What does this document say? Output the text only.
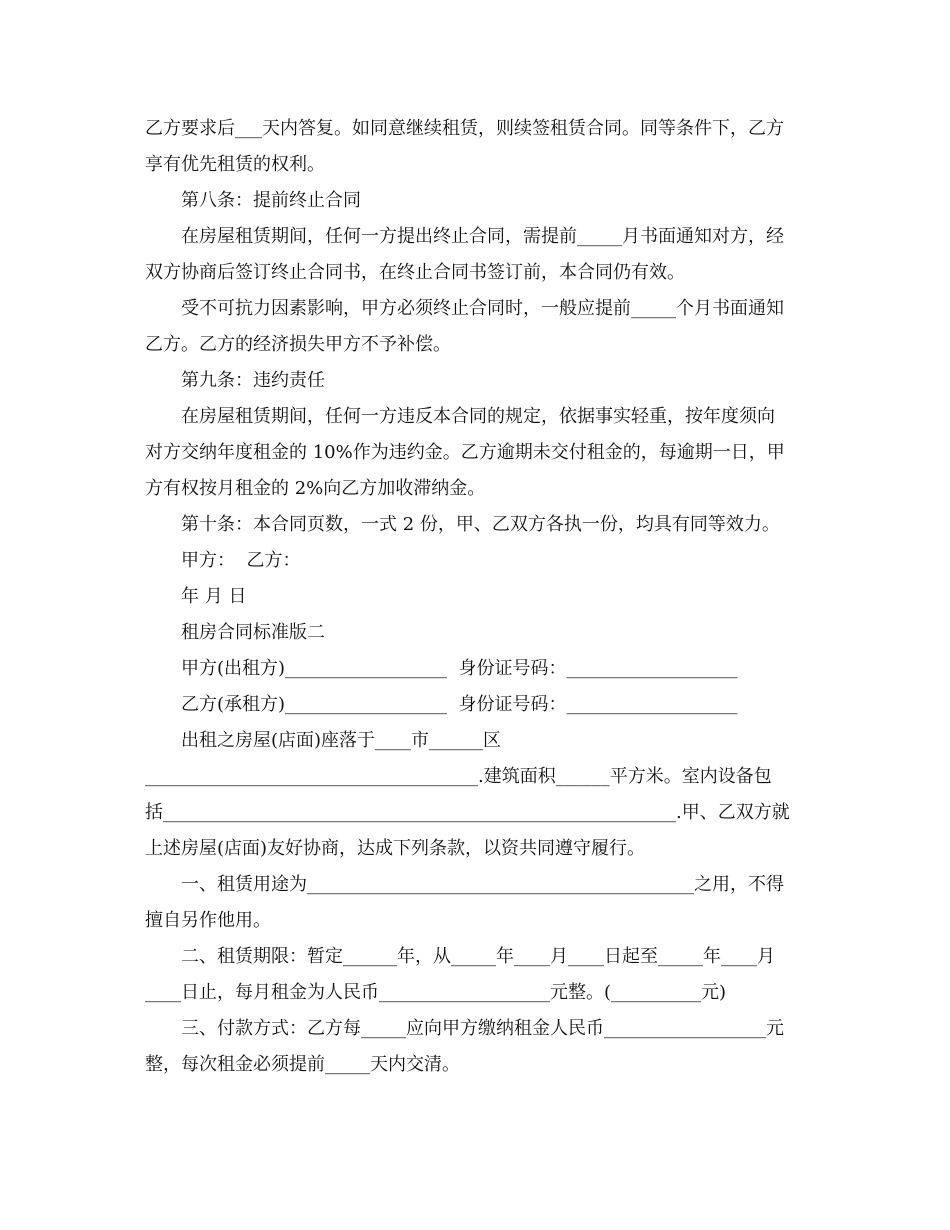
乙方要求后___天内答复。如同意继续租赁，则续签租赁合同。同等条件下，乙方
享有优先租赁的权利。
第八条：提前终止合同
在房屋租赁期间，任何一方提出终止合同，需提前_____月书面通知对方，经
双方协商后签订终止合同书，在终止合同书签订前，本合同仍有效。
受不可抗力因素影响，甲方必须终止合同时，一般应提前_____个月书面通知
乙方。乙方的经济损失甲方不予补偿。
第九条：违约责任
在房屋租赁期间，任何一方违反本合同的规定，依据事实轻重，按年度须向
对方交纳年度租金的 10%作为违约金。乙方逾期未交付租金的，每逾期一日，甲
方有权按月租金的 2%向乙方加收滞纳金。
第十条：本合同页数，一式 2 份，甲、乙双方各执一份，均具有同等效力。
甲方：  乙方：
年 月 日
租房合同标准版二
甲方(出租方)__________________  身份证号码：___________________
乙方(承租方)__________________  身份证号码：___________________
出租之房屋(店面)座落于____市______区
_____________________________________.建筑面积______平方米。室内设备包
括_________________________________________________________.甲、乙双方就
上述房屋(店面)友好协商，达成下列条款，以资共同遵守履行。
一、租赁用途为___________________________________________之用，不得
擅自另作他用。
二、租赁期限：暂定______年，从_____年____月____日起至_____年____月
____日止，每月租金为人民币___________________元整。(__________元)
三、付款方式：乙方每_____应向甲方缴纳租金人民币__________________元
整，每次租金必须提前_____天内交清。
